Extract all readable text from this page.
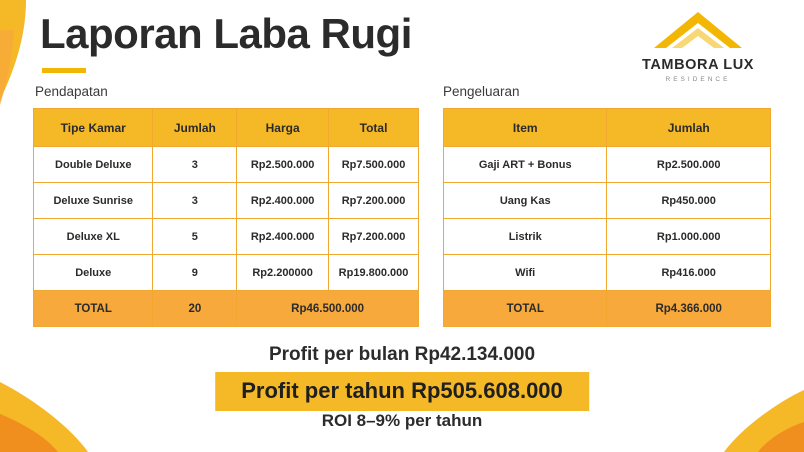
Laporan Laba Rugi
TAMBORA LUX
RESIDENCE
Pendapatan	Pengeluaran
Tipe Kamar	Jumlah	Harga	Total
Double Deluxe	3	Rp2.500.000	Rp7.500.000
Deluxe Sunrise	3	Rp2.400.000	Rp7.200.000
Deluxe XL	5	Rp2.400.000	Rp7.200.000
Deluxe	9	Rp2.200000	Rp19.800.000
TOTAL	20	Rp46.500.000	
Item	Jumlah
Gaji ART + Bonus	Rp2.500.000
Uang Kas	Rp450.000
Listrik	Rp1.000.000
Wifi	Rp416.000
TOTAL	Rp4.366.000
Profit per bulan Rp42.134.000
Profit per tahun Rp505.608.000
ROI 8–9% per tahun
